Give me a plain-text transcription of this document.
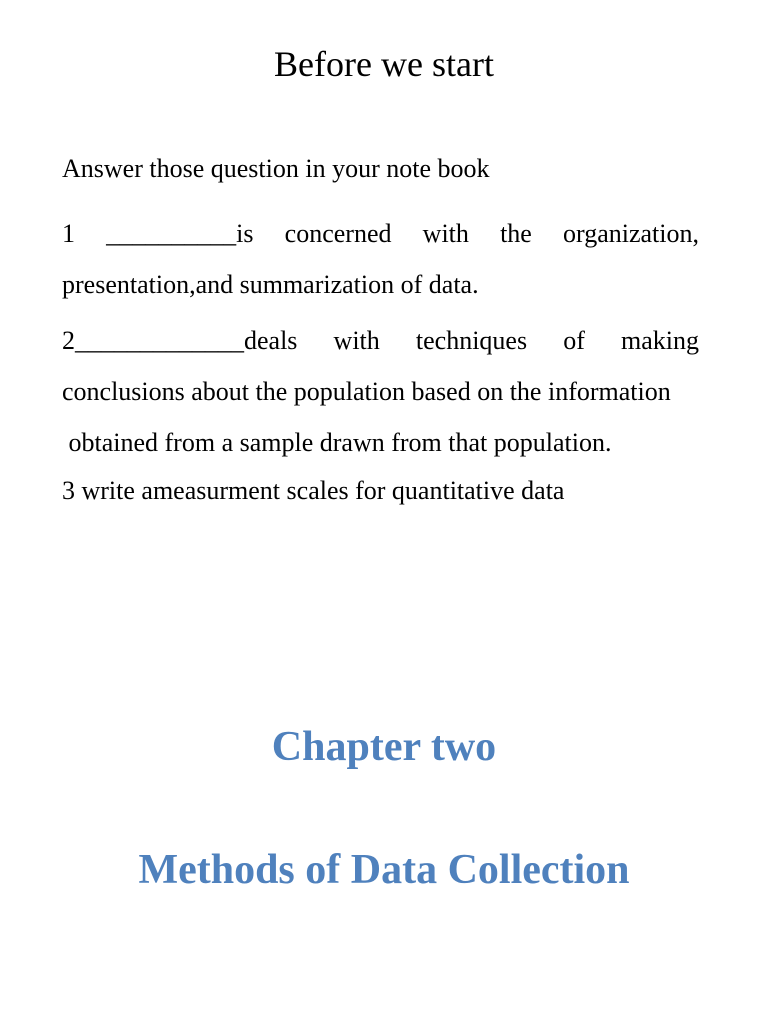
Before we start

Answer those question in your note book

1 __________is concerned with the organization, presentation,and summarization of data.

2_____________deals with techniques of making
conclusions about the population based on the information
obtained from a sample drawn from that population.

3 write ameasurment scales for quantitative data

Chapter two
Methods of Data Collection
